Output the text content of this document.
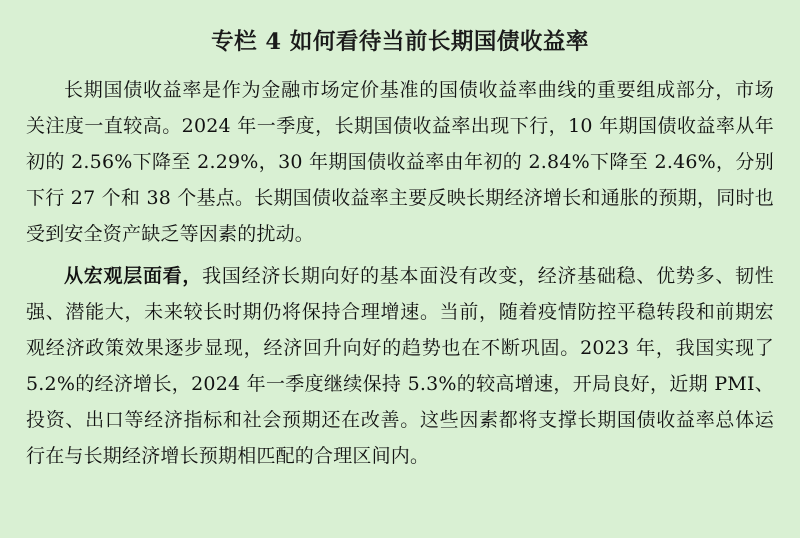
专栏 4 如何看待当前长期国债收益率

长期国债收益率是作为金融市场定价基准的国债收益率曲线的重要组成部分，市场关注度一直较高。2024 年一季度，长期国债收益率出现下行，10 年期国债收益率从年初的 2.56%下降至 2.29%，30 年期国债收益率由年初的 2.84%下降至 2.46%，分别下行 27 个和 38 个基点。长期国债收益率主要反映长期经济增长和通胀的预期，同时也受到安全资产缺乏等因素的扰动。

从宏观层面看，我国经济长期向好的基本面没有改变，经济基础稳、优势多、韧性强、潜能大，未来较长时期仍将保持合理增速。当前，随着疫情防控平稳转段和前期宏观经济政策效果逐步显现，经济回升向好的趋势也在不断巩固。2023 年，我国实现了 5.2%的经济增长，2024 年一季度继续保持 5.3%的较高增速，开局良好，近期 PMI、投资、出口等经济指标和社会预期还在改善。这些因素都将支撑长期国债收益率总体运行在与长期经济增长预期相匹配的合理区间内。
